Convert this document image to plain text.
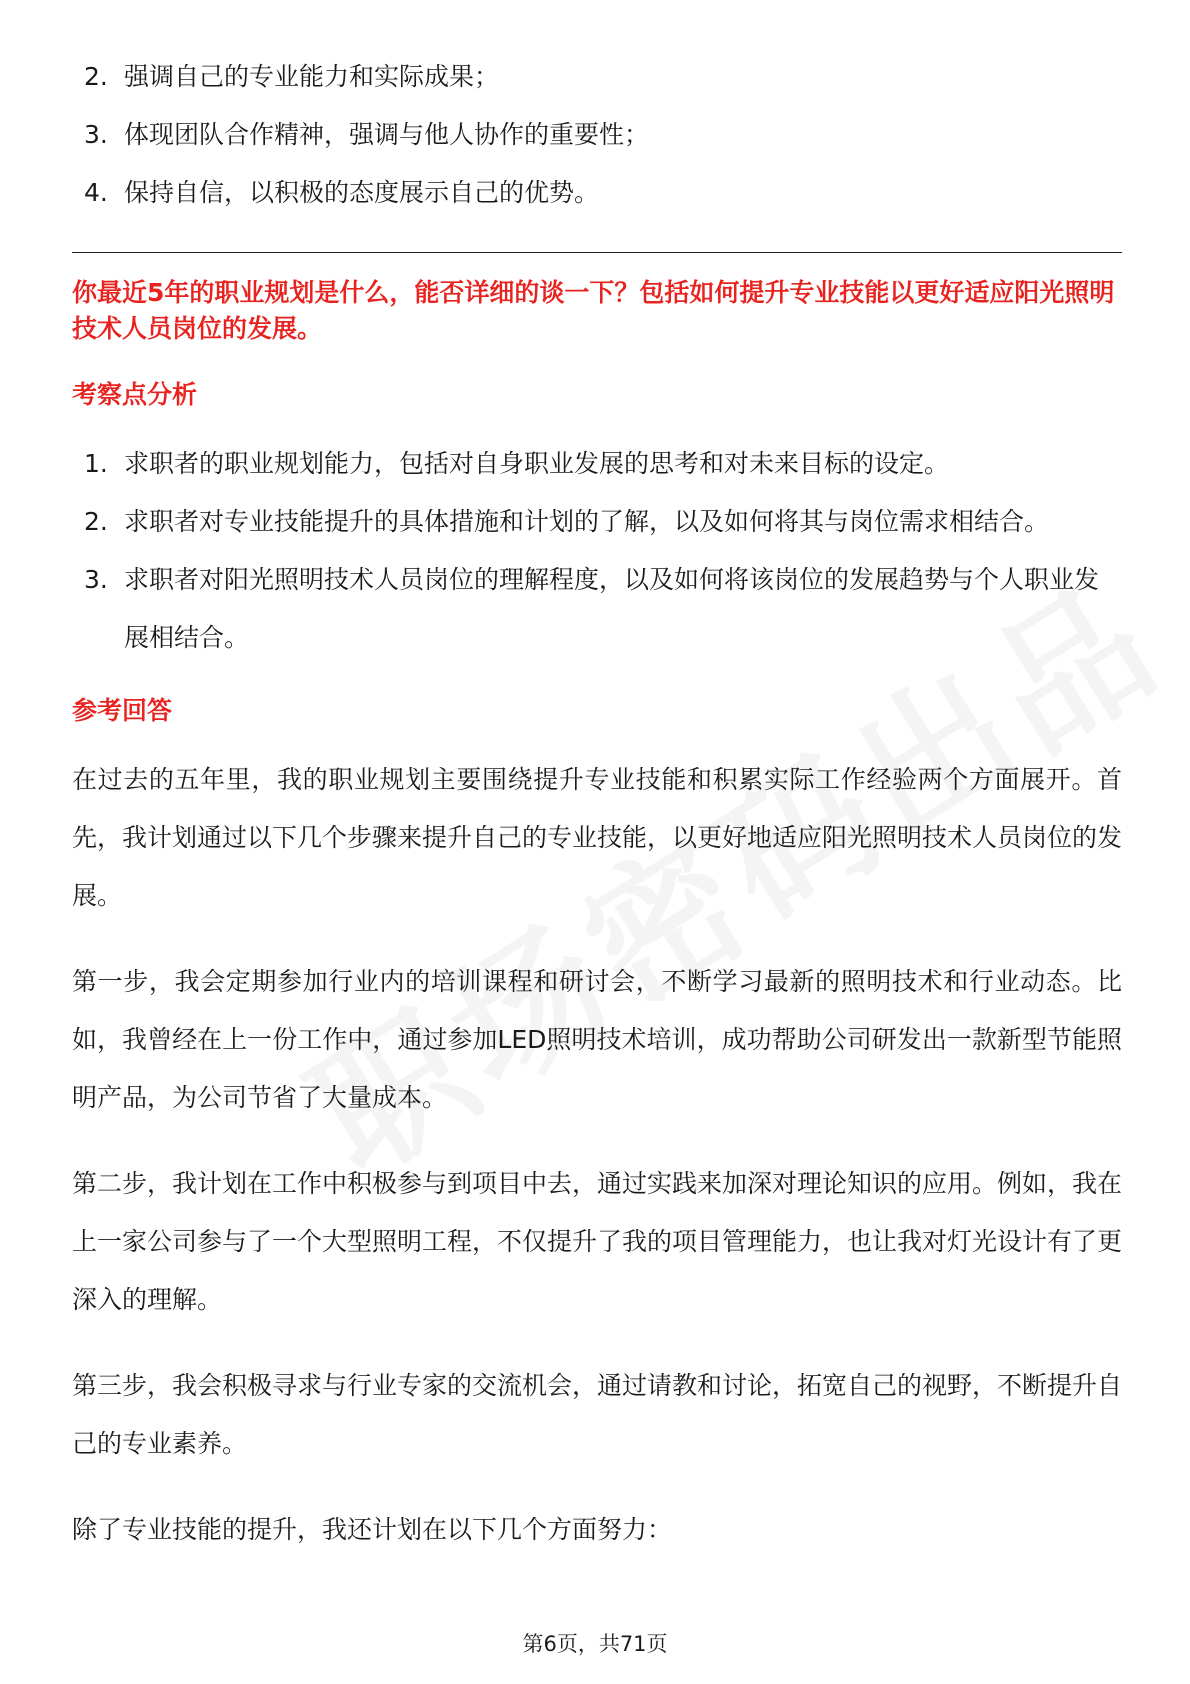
2. 强调自己的专业能力和实际成果；
3. 体现团队合作精神，强调与他人协作的重要性；
4. 保持自信，以积极的态度展示自己的优势。
你最近5年的职业规划是什么，能否详细的谈一下？包括如何提升专业技能以更好适应阳光照明技术人员岗位的发展。
考察点分析
1. 求职者的职业规划能力，包括对自身职业发展的思考和对未来目标的设定。
2. 求职者对专业技能提升的具体措施和计划的了解，以及如何将其与岗位需求相结合。
3. 求职者对阳光照明技术人员岗位的理解程度，以及如何将该岗位的发展趋势与个人职业发展相结合。
参考回答

在过去的五年里，我的职业规划主要围绕提升专业技能和积累实际工作经验两个方面展开。首先，我计划通过以下几个步骤来提升自己的专业技能，以更好地适应阳光照明技术人员岗位的发展。

第一步，我会定期参加行业内的培训课程和研讨会，不断学习最新的照明技术和行业动态。比如，我曾经在上一份工作中，通过参加LED照明技术培训，成功帮助公司研发出一款新型节能照明产品，为公司节省了大量成本。

第二步，我计划在工作中积极参与到项目中去，通过实践来加深对理论知识的应用。例如，我在上一家公司参与了一个大型照明工程，不仅提升了我的项目管理能力，也让我对灯光设计有了更深入的理解。

第三步，我会积极寻求与行业专家的交流机会，通过请教和讨论，拓宽自己的视野，不断提升自己的专业素养。

除了专业技能的提升，我还计划在以下几个方面努力：

第6页，共71页
